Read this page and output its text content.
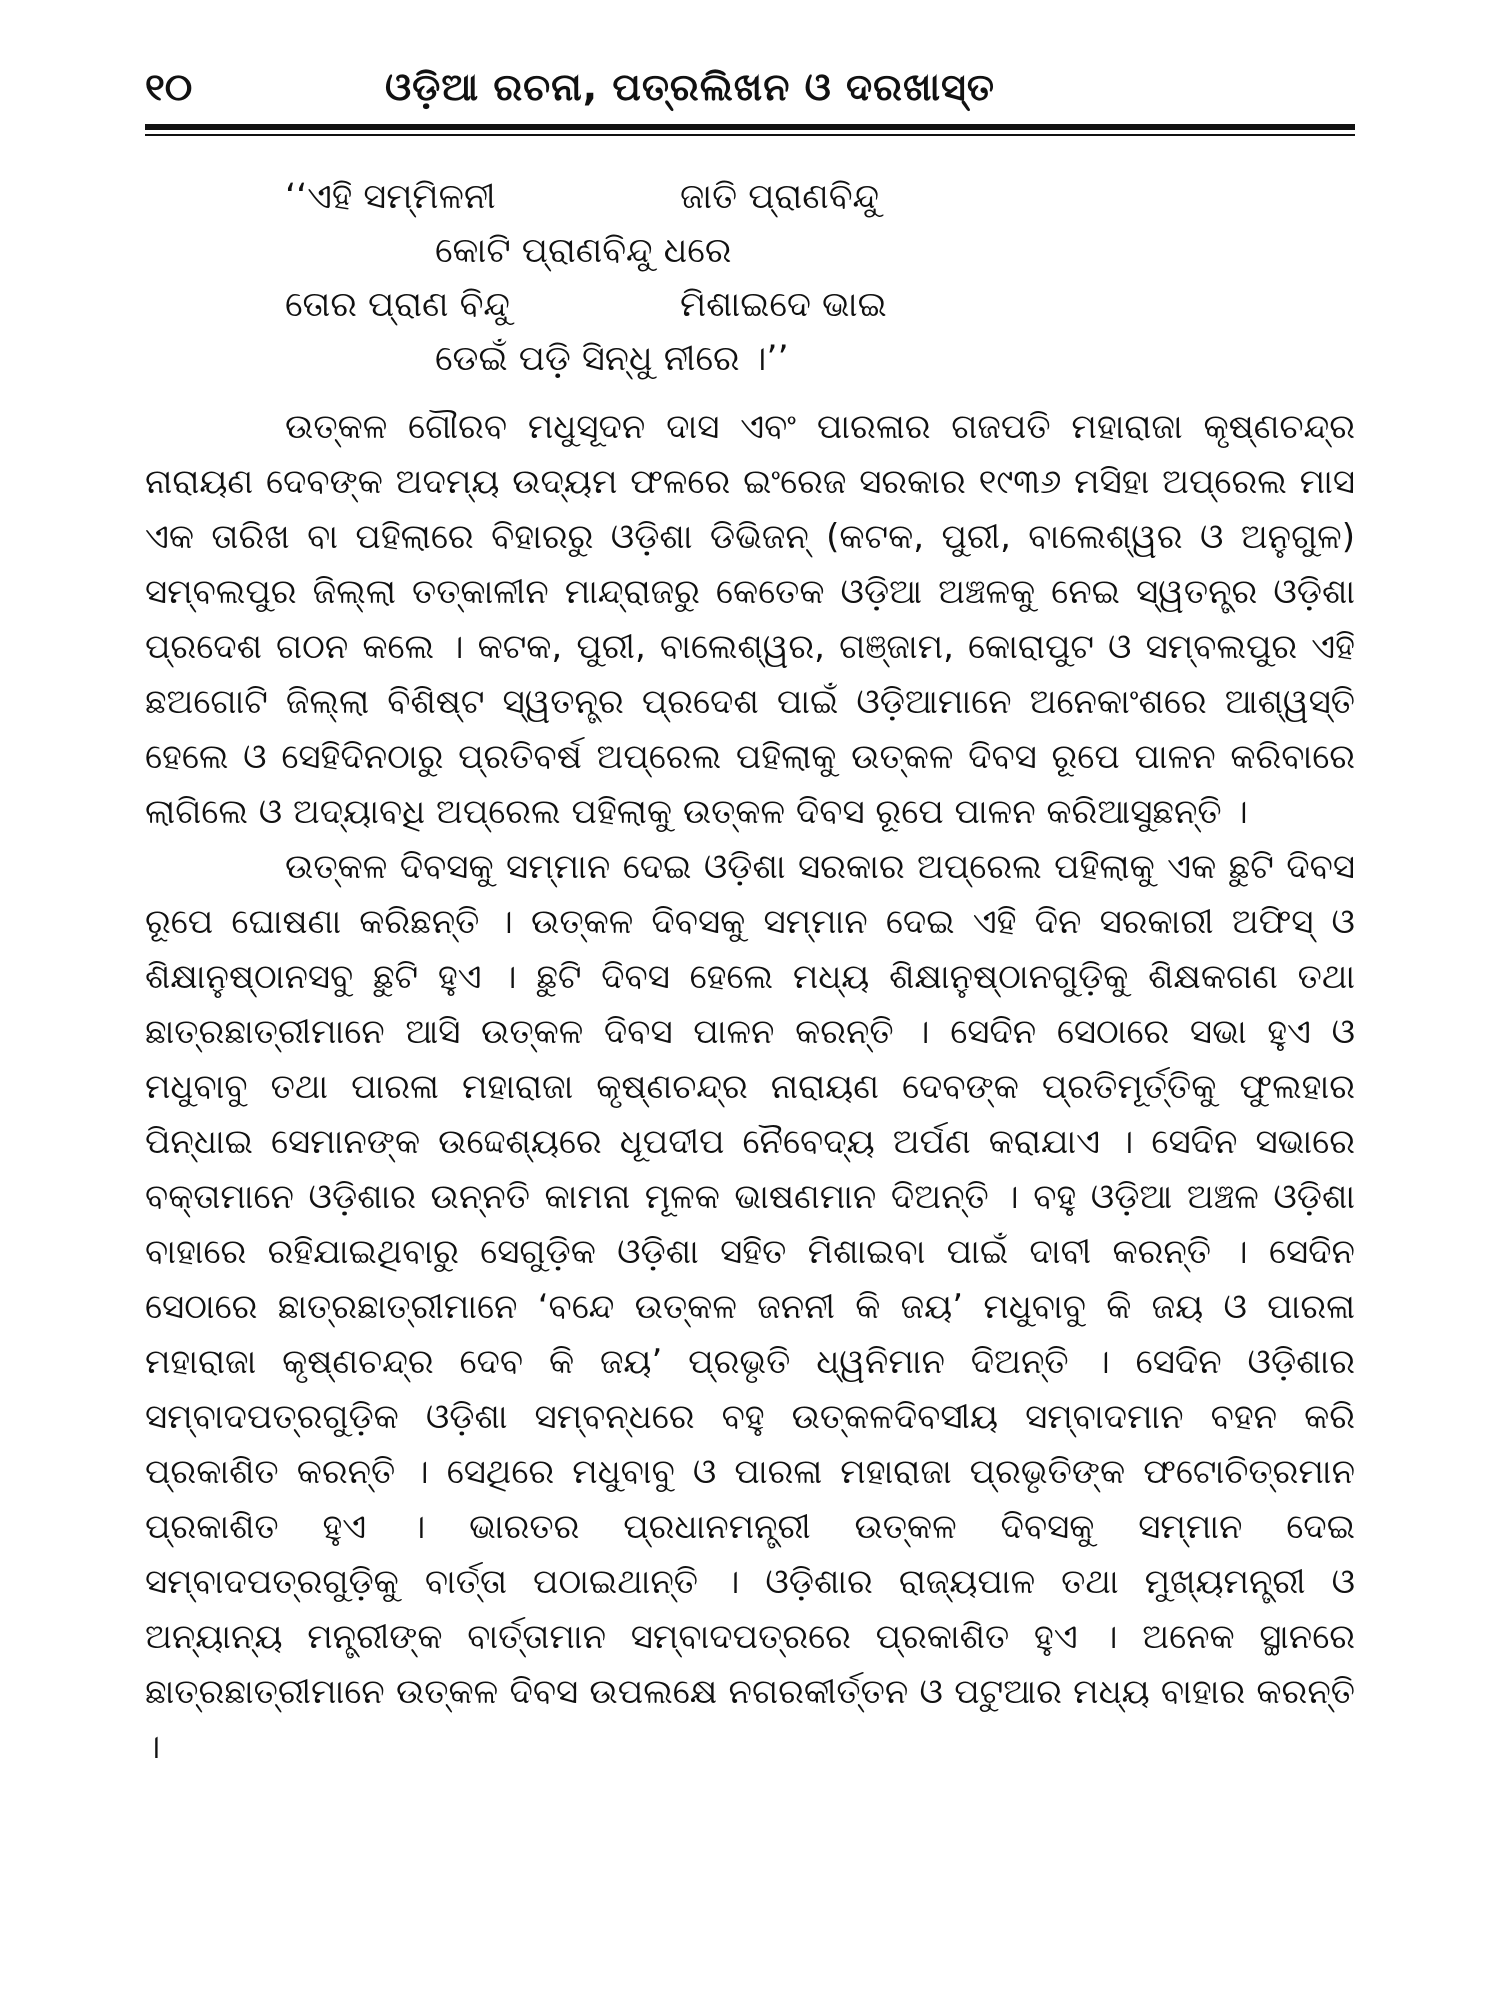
୧୦	ଓଡ଼ିଆ ରଚନା, ପତ୍ରଲିଖନ ଓ ଦରଖାସ୍ତ
‘‘ଏହି ସମ୍ମିଳନୀ	ଜାତି ପ୍ରାଣବିନ୍ଦୁ
କୋଟି ପ୍ରାଣବିନ୍ଦୁ ଧରେ
ତୋର ପ୍ରାଣ ବିନ୍ଦୁ	ମିଶାଇଦେ ଭାଇ
ଡେଇଁ ପଡ଼ି ସିନ୍ଧୁ ନୀରେ ।’’

ଉତ୍କଳ ଗୌରବ ମଧୁସୂଦନ ଦାସ ଏବଂ ପାରଳାର ଗଜପତି ମହାରାଜା କୃଷ୍ଣଚନ୍ଦ୍ର ନାରାୟଣ ଦେବଙ୍କ ଅଦମ୍ୟ ଉଦ୍ୟମ ଫଳରେ ଇଂରେଜ ସରକାର ୧୯୩୬ ମସିହା ଅପ୍ରେଲ ମାସ ଏକ ତାରିଖ ବା ପହିଲାରେ ବିହାରରୁ ଓଡ଼ିଶା ଡିଭିଜନ୍ (କଟକ, ପୁରୀ, ବାଲେଶ୍ୱର ଓ ଅନୁଗୁଳ) ସମ୍ବଲପୁର ଜିଲ୍ଲା ତତ୍କାଳୀନ ମାନ୍ଦ୍ରାଜରୁ କେତେକ ଓଡ଼ିଆ ଅଞ୍ଚଳକୁ ନେଇ ସ୍ୱତନ୍ତ୍ର ଓଡ଼ିଶା ପ୍ରଦେଶ ଗଠନ କଲେ । କଟକ, ପୁରୀ, ବାଲେଶ୍ୱର, ଗଞ୍ଜାମ, କୋରାପୁଟ ଓ ସମ୍ବଲପୁର ଏହି ଛଅଗୋଟି ଜିଲ୍ଲା ବିଶିଷ୍ଟ ସ୍ୱତନ୍ତ୍ର ପ୍ରଦେଶ ପାଇଁ ଓଡ଼ିଆମାନେ ଅନେକାଂଶରେ ଆଶ୍ୱସ୍ତି ହେଲେ ଓ ସେହିଦିନଠାରୁ ପ୍ରତିବର୍ଷ ଅପ୍ରେଲ ପହିଲାକୁ ଉତ୍କଳ ଦିବସ ରୂପେ ପାଳନ କରିବାରେ ଲାଗିଲେ ଓ ଅଦ୍ୟାବଧି ଅପ୍ରେଲ ପହିଲାକୁ ଉତ୍କଳ ଦିବସ ରୂପେ ପାଳନ କରିଆସୁଛନ୍ତି ।

ଉତ୍କଳ ଦିବସକୁ ସମ୍ମାନ ଦେଇ ଓଡ଼ିଶା ସରକାର ଅପ୍ରେଲ ପହିଲାକୁ ଏକ ଛୁଟି ଦିବସ ରୂପେ ଘୋଷଣା କରିଛନ୍ତି । ଉତ୍କଳ ଦିବସକୁ ସମ୍ମାନ ଦେଇ ଏହି ଦିନ ସରକାରୀ ଅଫିସ୍ ଓ ଶିକ୍ଷାନୁଷ୍ଠାନସବୁ ଛୁଟି ହୁଏ । ଛୁଟି ଦିବସ ହେଲେ ମଧ୍ୟ ଶିକ୍ଷାନୁଷ୍ଠାନଗୁଡ଼ିକୁ ଶିକ୍ଷକଗଣ ତଥା ଛାତ୍ରଛାତ୍ରୀମାନେ ଆସି ଉତ୍କଳ ଦିବସ ପାଳନ କରନ୍ତି । ସେଦିନ ସେଠାରେ ସଭା ହୁଏ ଓ ମଧୁବାବୁ ତଥା ପାରଳା ମହାରାଜା କୃଷ୍ଣଚନ୍ଦ୍ର ନାରାୟଣ ଦେବଙ୍କ ପ୍ରତିମୂର୍ତ୍ତିକୁ ଫୁଲହାର ପିନ୍ଧାଇ ସେମାନଙ୍କ ଉଦ୍ଦେଶ୍ୟରେ ଧୂପଦୀପ ନୈବେଦ୍ୟ ଅର୍ପଣ କରାଯାଏ । ସେଦିନ ସଭାରେ ବକ୍ତାମାନେ ଓଡ଼ିଶାର ଉନ୍ନତି କାମନା ମୂଳକ ଭାଷଣମାନ ଦିଅନ୍ତି । ବହୁ ଓଡ଼ିଆ ଅଞ୍ଚଳ ଓଡ଼ିଶା ବାହାରେ ରହିଯାଇଥିବାରୁ ସେଗୁଡ଼ିକ ଓଡ଼ିଶା ସହିତ ମିଶାଇବା ପାଇଁ ଦାବୀ କରନ୍ତି । ସେଦିନ ସେଠାରେ ଛାତ୍ରଛାତ୍ରୀମାନେ ‘ବନ୍ଦେ ଉତ୍କଳ ଜନନୀ କି ଜୟ’ ମଧୁବାବୁ କି ଜୟ ଓ ପାରଳା ମହାରାଜା କୃଷ୍ଣଚନ୍ଦ୍ର ଦେବ କି ଜୟ’ ପ୍ରଭୃତି ଧ୍ୱନିମାନ ଦିଅନ୍ତି । ସେଦିନ ଓଡ଼ିଶାର ସମ୍ବାଦପତ୍ରଗୁଡ଼ିକ ଓଡ଼ିଶା ସମ୍ବନ୍ଧରେ ବହୁ ଉତ୍କଳଦିବସୀୟ ସମ୍ବାଦମାନ ବହନ କରି ପ୍ରକାଶିତ କରନ୍ତି । ସେଥିରେ ମଧୁବାବୁ ଓ ପାରଳା ମହାରାଜା ପ୍ରଭୃତିଙ୍କ ଫଟୋଚିତ୍ରମାନ ପ୍ରକାଶିତ ହୁଏ । ଭାରତର ପ୍ରଧାନମନ୍ତ୍ରୀ ଉତ୍କଳ ଦିବସକୁ ସମ୍ମାନ ଦେଇ ସମ୍ବାଦପତ୍ରଗୁଡ଼ିକୁ ବାର୍ତ୍ତା ପଠାଇଥାନ୍ତି । ଓଡ଼ିଶାର ରାଜ୍ୟପାଳ ତଥା ମୁଖ୍ୟମନ୍ତ୍ରୀ ଓ ଅନ୍ୟାନ୍ୟ ମନ୍ତ୍ରୀଙ୍କ ବାର୍ତ୍ତାମାନ ସମ୍ବାଦପତ୍ରରେ ପ୍ରକାଶିତ ହୁଏ । ଅନେକ ସ୍ଥାନରେ ଛାତ୍ରଛାତ୍ରୀମାନେ ଉତ୍କଳ ଦିବସ ଉପଲକ୍ଷେ ନଗରକୀର୍ତ୍ତନ ଓ ପଟୁଆର ମଧ୍ୟ ବାହାର କରନ୍ତି ।
